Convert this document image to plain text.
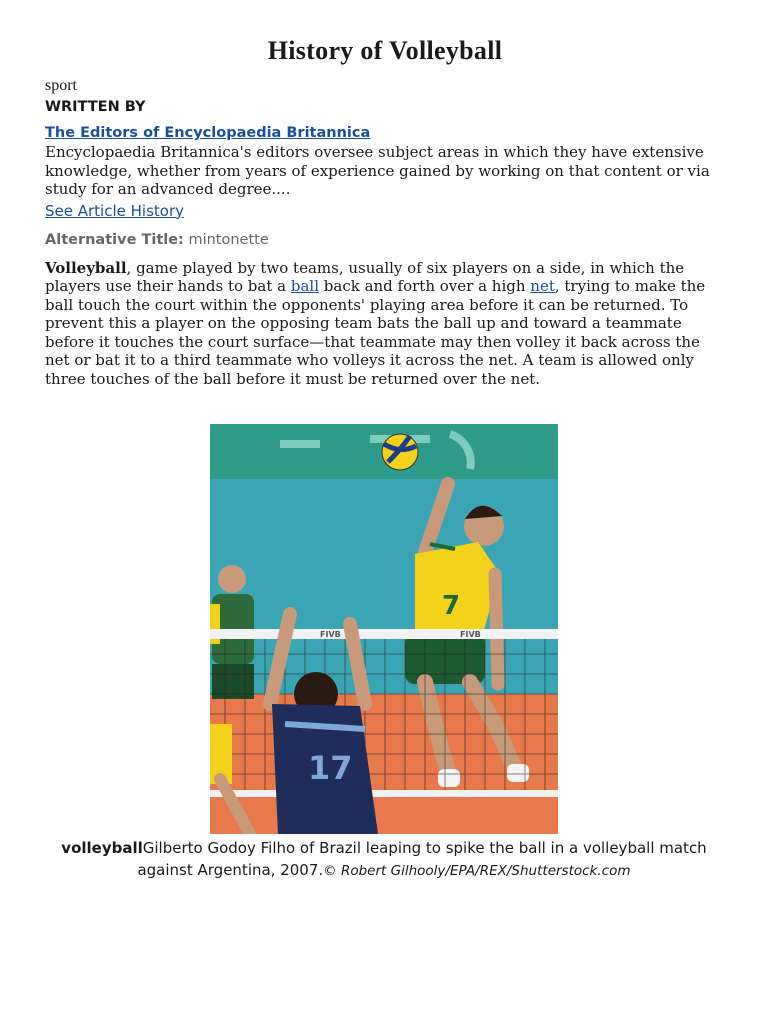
History of Volleyball
sport
WRITTEN BY
The Editors of Encyclopaedia Britannica
Encyclopaedia Britannica's editors oversee subject areas in which they have extensive knowledge, whether from years of experience gained by working on that content or via study for an advanced degree....
See Article History
Alternative Title: mintonette
Volleyball, game played by two teams, usually of six players on a side, in which the players use their hands to bat a ball back and forth over a high net, trying to make the ball touch the court within the opponents' playing area before it can be returned. To prevent this a player on the opposing team bats the ball up and toward a teammate before it touches the court surface—that teammate may then volley it back across the net or bat it to a third teammate who volleys it across the net. A team is allowed only three touches of the ball before it must be returned over the net.
7
FIVB	FIVB
17
volleyballGilberto Godoy Filho of Brazil leaping to spike the ball in a volleyball match against Argentina, 2007.© Robert Gilhooly/EPA/REX/Shutterstock.com
